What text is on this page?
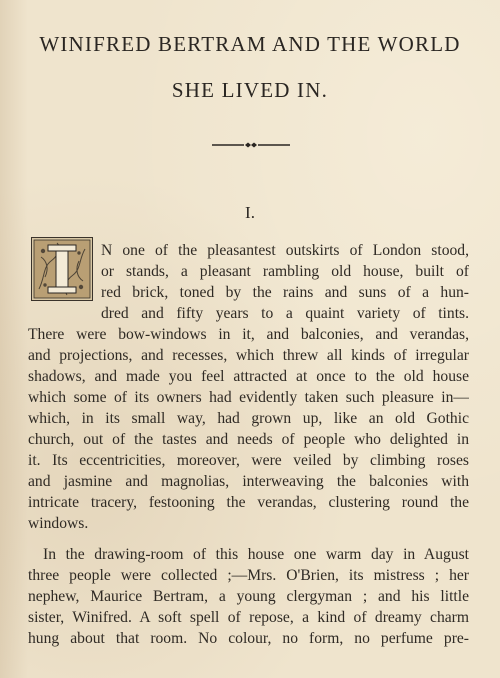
WINIFRED BERTRAM AND THE WORLD
SHE LIVED IN.
I.
I
N one of the pleasantest outskirts of London stood,
or stands, a pleasant rambling old house, built of
red brick, toned by the rains and suns of a hun-
dred and fifty years to a quaint variety of tints.
There were bow-windows in it, and balconies, and verandas,
and projections, and recesses, which threw all kinds of irregular
shadows, and made you feel attracted at once to the old house
which some of its owners had evidently taken such pleasure in—
which, in its small way, had grown up, like an old Gothic
church, out of the tastes and needs of people who delighted in
it. Its eccentricities, moreover, were veiled by climbing roses
and jasmine and magnolias, interweaving the balconies with
intricate tracery, festooning the verandas, clustering round the
windows.
In the drawing-room of this house one warm day in August
three people were collected ;—Mrs. O'Brien, its mistress ; her
nephew, Maurice Bertram, a young clergyman ; and his little
sister, Winifred. A soft spell of repose, a kind of dreamy charm
hung about that room. No colour, no form, no perfume pre-
